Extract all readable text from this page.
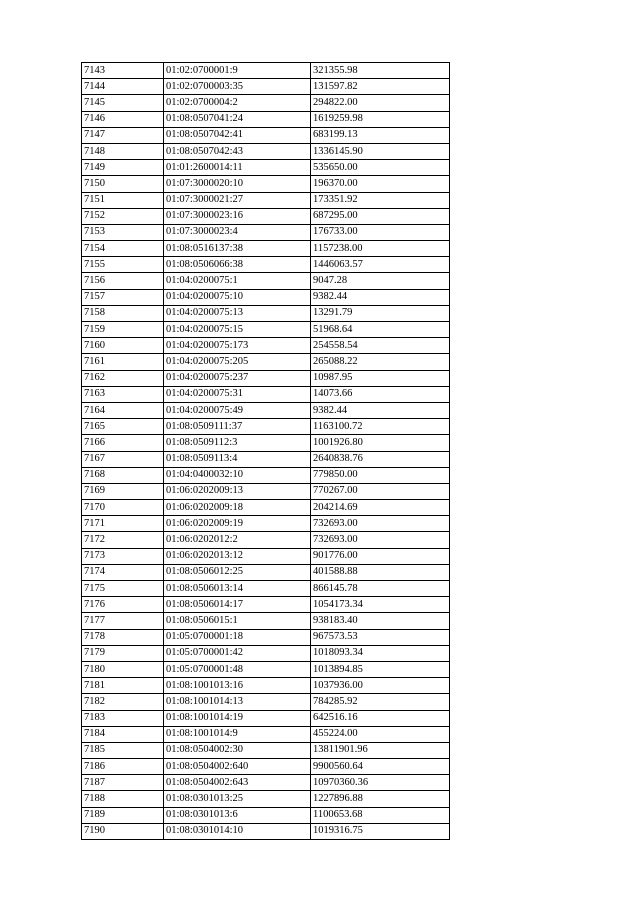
7143	01:02:0700001:9	321355.98
7144	01:02:0700003:35	131597.82
7145	01:02:0700004:2	294822.00
7146	01:08:0507041:24	1619259.98
7147	01:08:0507042:41	683199.13
7148	01:08:0507042:43	1336145.90
7149	01:01:2600014:11	535650.00
7150	01:07:3000020:10	196370.00
7151	01:07:3000021:27	173351.92
7152	01:07:3000023:16	687295.00
7153	01:07:3000023:4	176733.00
7154	01:08:0516137:38	1157238.00
7155	01:08:0506066:38	1446063.57
7156	01:04:0200075:1	9047.28
7157	01:04:0200075:10	9382.44
7158	01:04:0200075:13	13291.79
7159	01:04:0200075:15	51968.64
7160	01:04:0200075:173	254558.54
7161	01:04:0200075:205	265088.22
7162	01:04:0200075:237	10987.95
7163	01:04:0200075:31	14073.66
7164	01:04:0200075:49	9382.44
7165	01:08:0509111:37	1163100.72
7166	01:08:0509112:3	1001926.80
7167	01:08:0509113:4	2640838.76
7168	01:04:0400032:10	779850.00
7169	01:06:0202009:13	770267.00
7170	01:06:0202009:18	204214.69
7171	01:06:0202009:19	732693.00
7172	01:06:0202012:2	732693.00
7173	01:06:0202013:12	901776.00
7174	01:08:0506012:25	401588.88
7175	01:08:0506013:14	866145.78
7176	01:08:0506014:17	1054173.34
7177	01:08:0506015:1	938183.40
7178	01:05:0700001:18	967573.53
7179	01:05:0700001:42	1018093.34
7180	01:05:0700001:48	1013894.85
7181	01:08:1001013:16	1037936.00
7182	01:08:1001014:13	784285.92
7183	01:08:1001014:19	642516.16
7184	01:08:1001014:9	455224.00
7185	01:08:0504002:30	13811901.96
7186	01:08:0504002:640	9900560.64
7187	01:08:0504002:643	10970360.36
7188	01:08:0301013:25	1227896.88
7189	01:08:0301013:6	1100653.68
7190	01:08:0301014:10	1019316.75
